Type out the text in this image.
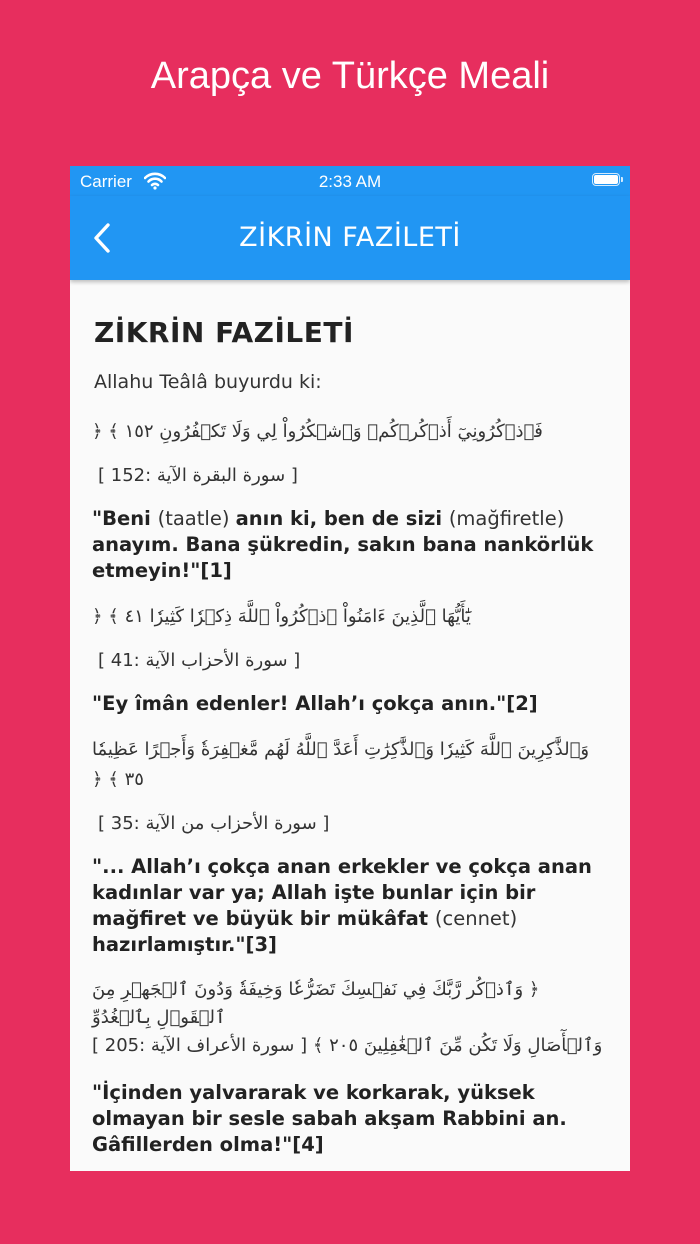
Arapça ve Türkçe Meali
Carrier	2:33 AM
ZİKRİN FAZİLETİ
ZİKRİN FAZİLETİ
Allahu Teâlâ buyurdu ki:
فَٱذۡكُرُونِيٓ أَذۡكُرۡكُمۡ وَٱشۡكُرُواْ لِي وَلَا تَكۡفُرُونِ ١٥٢ ﴾ ﴿
[ سورة البقرة الآية :152 ]
"Beni (taatle) anın ki, ben de sizi (mağfiretle) anayım. Bana şükredin, sakın bana nankörlük etmeyin!"[1]
يَٰٓأَيُّهَا ٱلَّذِينَ ءَامَنُواْ ٱذۡكُرُواْ ٱللَّهَ ذِكۡرٗا كَثِيرٗا ٤١ ﴾ ﴿
[ سورة الأحزاب الآية :41 ]
"Ey îmân edenler! Allah’ı çokça anın."[2]
وَٱلذَّٰكِرِينَ ٱللَّهَ كَثِيرٗا وَٱلذَّٰكِرَٰتِ أَعَدَّ ٱللَّهُ لَهُم مَّغۡفِرَةٗ وَأَجۡرًا عَظِيمٗا ٣٥ ﴾ ﴿
[ سورة الأحزاب من الآية :35 ]
"... Allah’ı çokça anan erkekler ve çokça anan kadınlar var ya; Allah işte bunlar için bir mağfiret ve büyük bir mükâfat (cennet) hazırlamıştır."[3]
﴿ وَٱذۡكُر رَّبَّكَ فِي نَفۡسِكَ تَضَرُّعٗا وَخِيفَةٗ وَدُونَ ٱلۡجَهۡرِ مِنَ ٱلۡقَوۡلِ بِٱلۡغُدُوِّ
وَٱلۡأٓصَالِ وَلَا تَكُن مِّنَ ٱلۡغَٰفِلِينَ ٢٠٥ ﴾ [ سورة الأعراف الآية :205 ]
"İçinden yalvararak ve korkarak, yüksek olmayan bir sesle sabah akşam Rabbini an. Gâfillerden olma!"[4]
